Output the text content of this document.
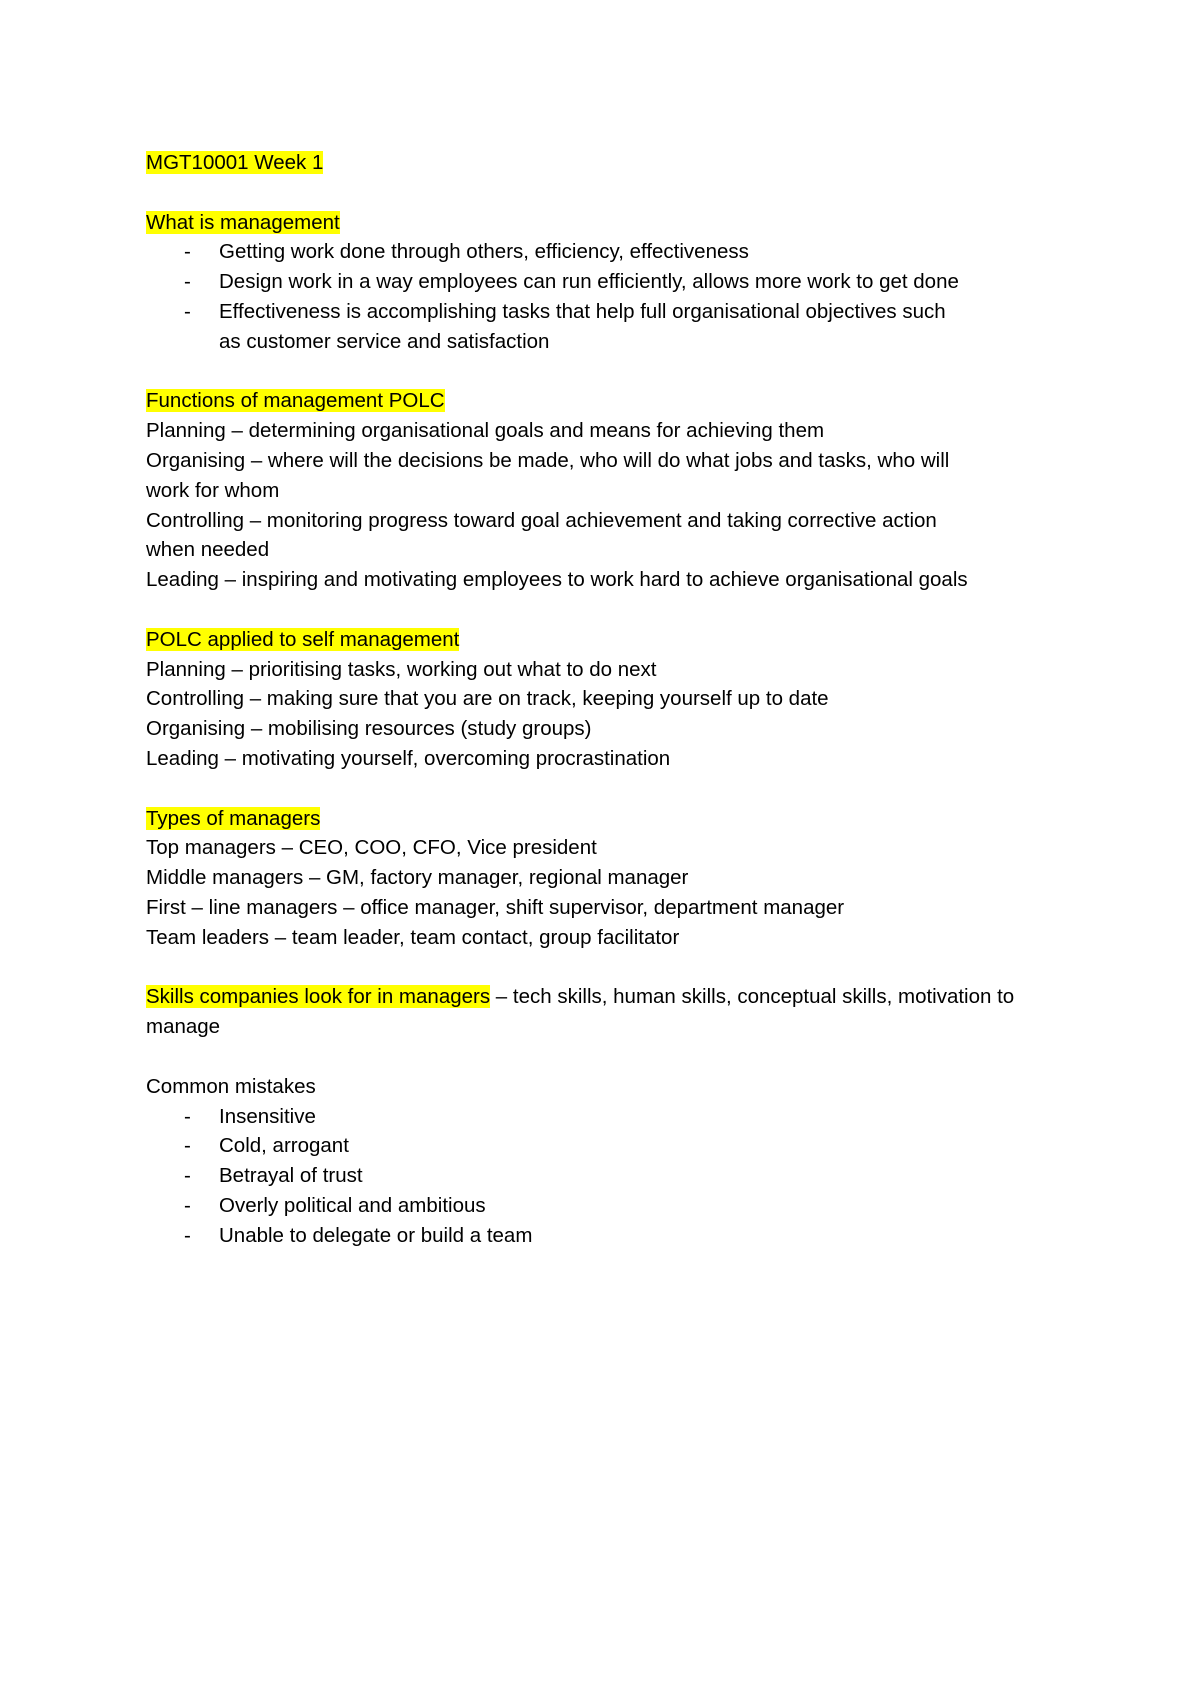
MGT10001 Week 1
What is management
- Getting work done through others, efficiency, effectiveness
- Design work in a way employees can run efficiently, allows more work to get done
- Effectiveness is accomplishing tasks that help full organisational objectives such as customer service and satisfaction
Functions of management POLC
Planning – determining organisational goals and means for achieving them
Organising – where will the decisions be made, who will do what jobs and tasks, who will work for whom
Controlling – monitoring progress toward goal achievement and taking corrective action when needed
Leading – inspiring and motivating employees to work hard to achieve organisational goals
POLC applied to self management
Planning – prioritising tasks, working out what to do next
Controlling – making sure that you are on track, keeping yourself up to date
Organising – mobilising resources (study groups)
Leading – motivating yourself, overcoming procrastination
Types of managers
Top managers – CEO, COO, CFO, Vice president
Middle managers – GM, factory manager, regional manager
First – line managers – office manager, shift supervisor, department manager
Team leaders – team leader, team contact, group facilitator
Skills companies look for in managers – tech skills, human skills, conceptual skills, motivation to manage
Common mistakes
- Insensitive
- Cold, arrogant
- Betrayal of trust
- Overly political and ambitious
- Unable to delegate or build a team
